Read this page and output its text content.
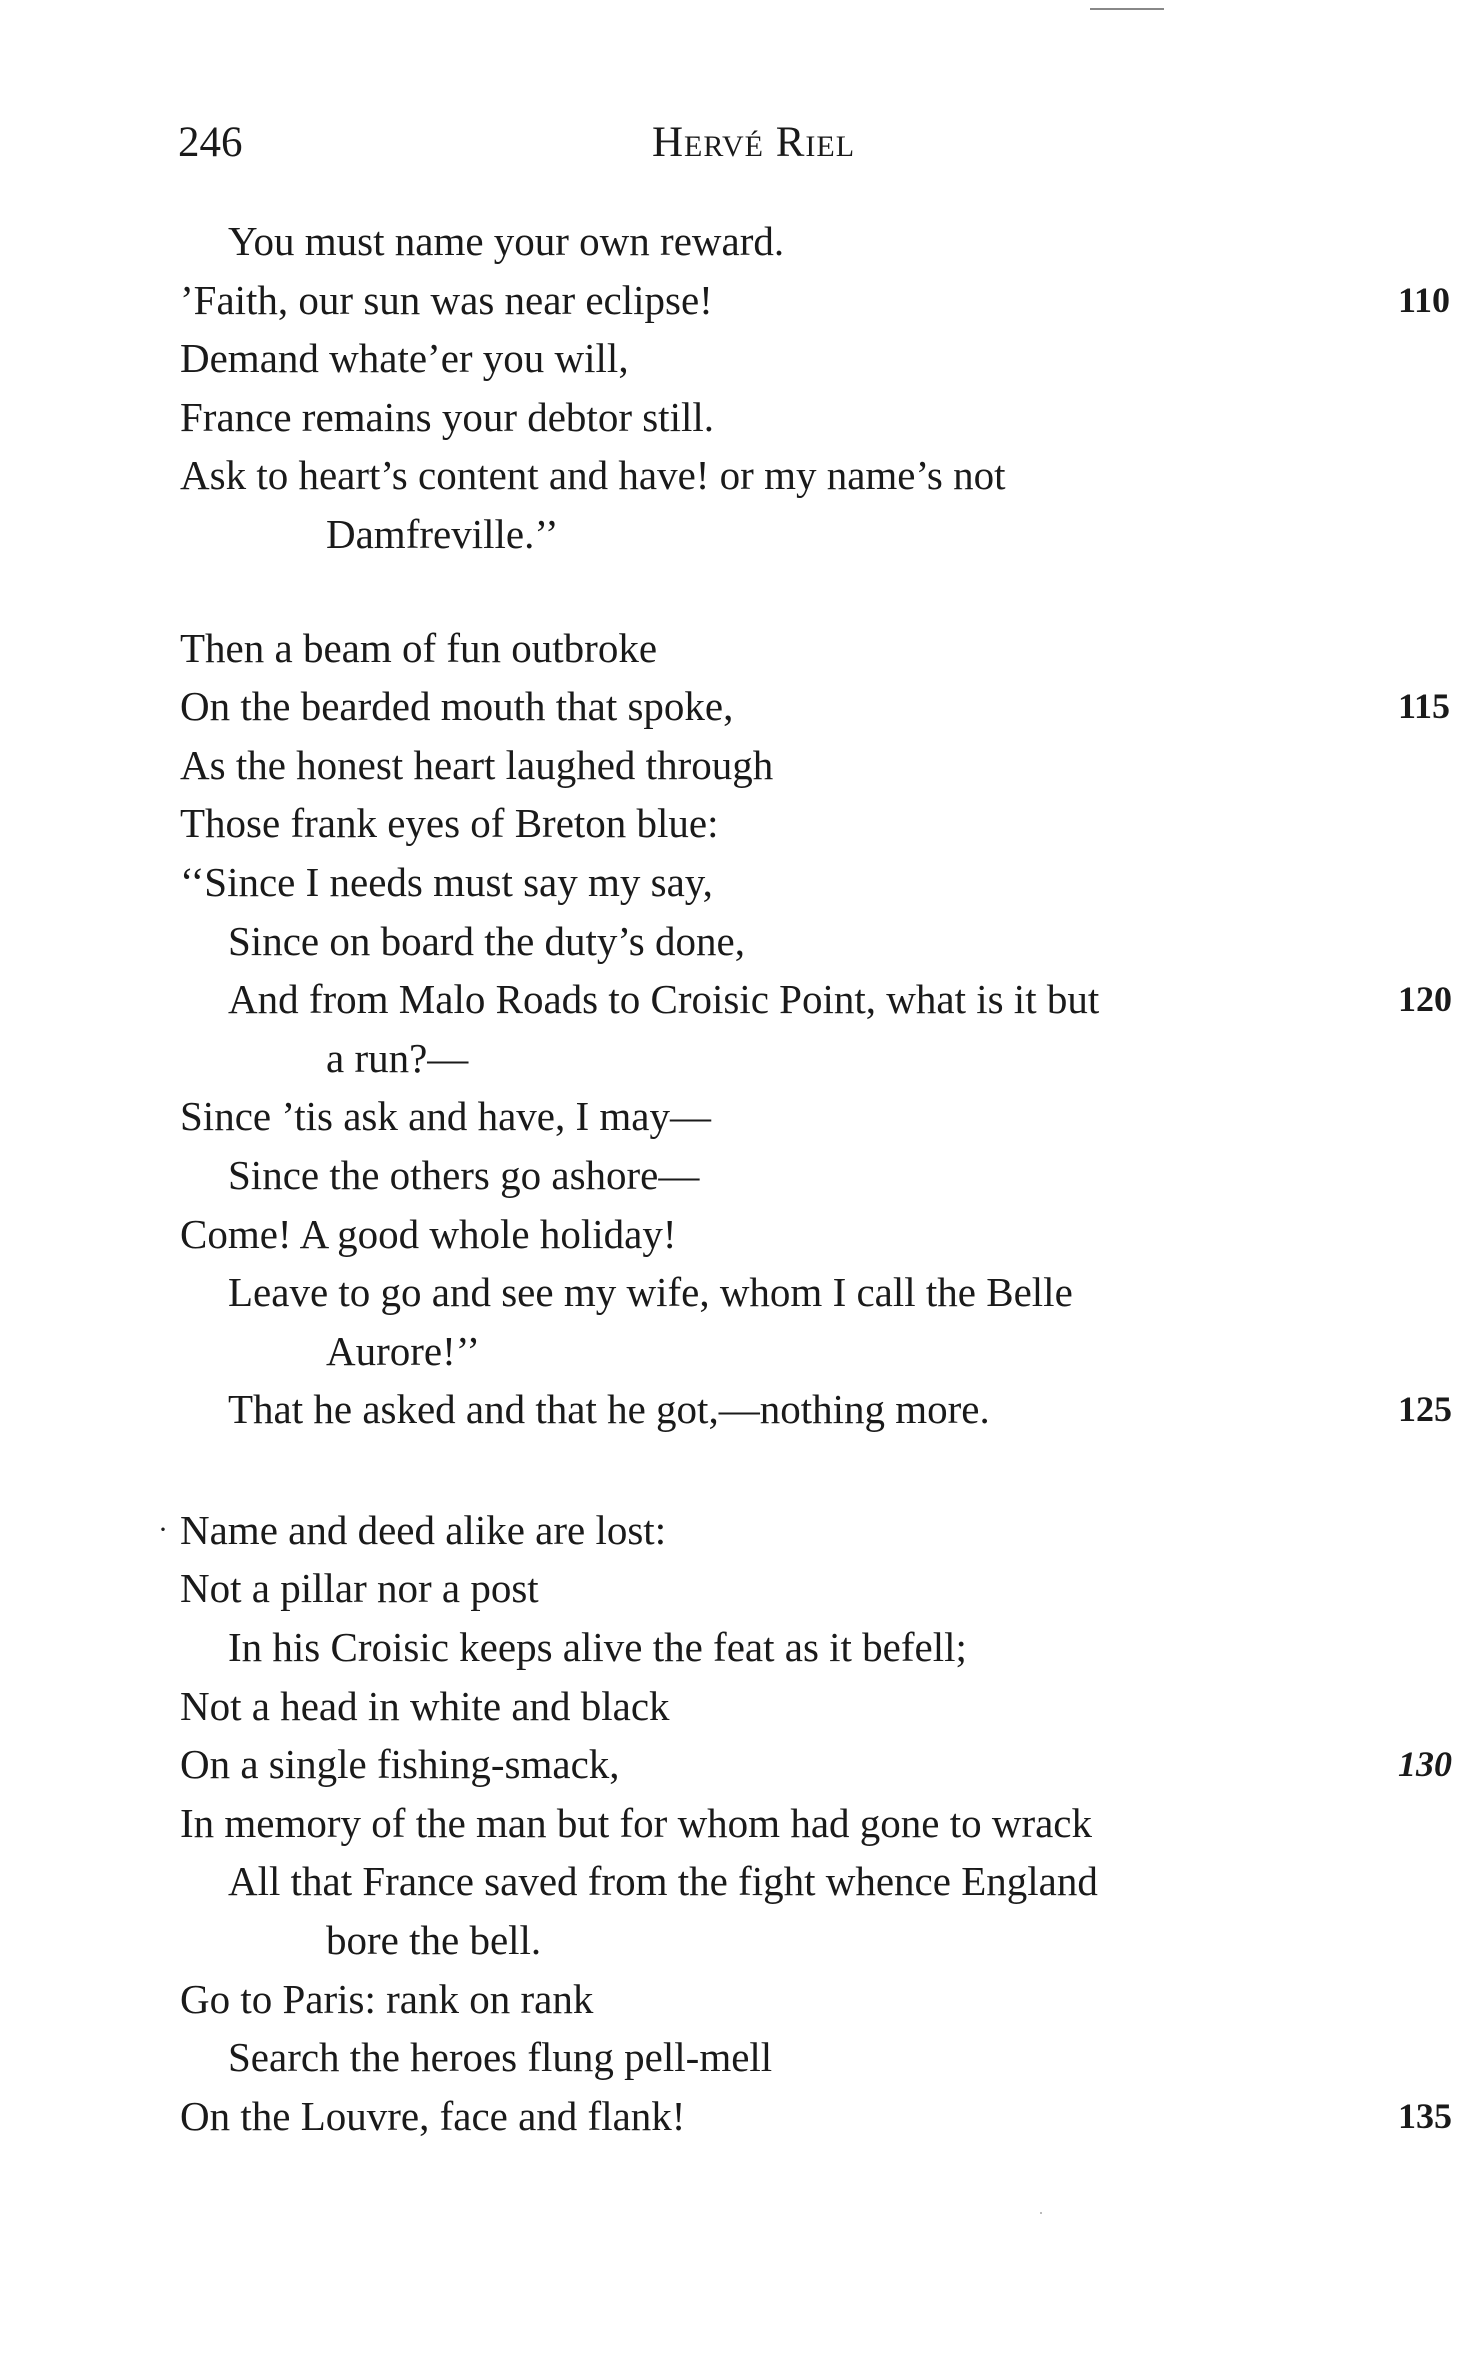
246	Hervé Riel
You must name your own reward.
’Faith, our sun was near eclipse!	110
Demand whate’er you will,
France remains your debtor still.
Ask to heart’s content and have! or my name’s not
Damfreville.’’
Then a beam of fun outbroke
On the bearded mouth that spoke,	115
As the honest heart laughed through
Those frank eyes of Breton blue:
‘‘Since I needs must say my say,
Since on board the duty’s done,
And from Malo Roads to Croisic Point, what is it but	120
a run?—
Since ’tis ask and have, I may—
Since the others go ashore—
Come! A good whole holiday!
Leave to go and see my wife, whom I call the Belle
Aurore!’’
That he asked and that he got,—nothing more.	125
· Name and deed alike are lost:
Not a pillar nor a post
In his Croisic keeps alive the feat as it befell;
Not a head in white and black
On a single fishing-smack,	130
In memory of the man but for whom had gone to wrack
All that France saved from the fight whence England
bore the bell.
Go to Paris: rank on rank
Search the heroes flung pell-mell
On the Louvre, face and flank!	135
